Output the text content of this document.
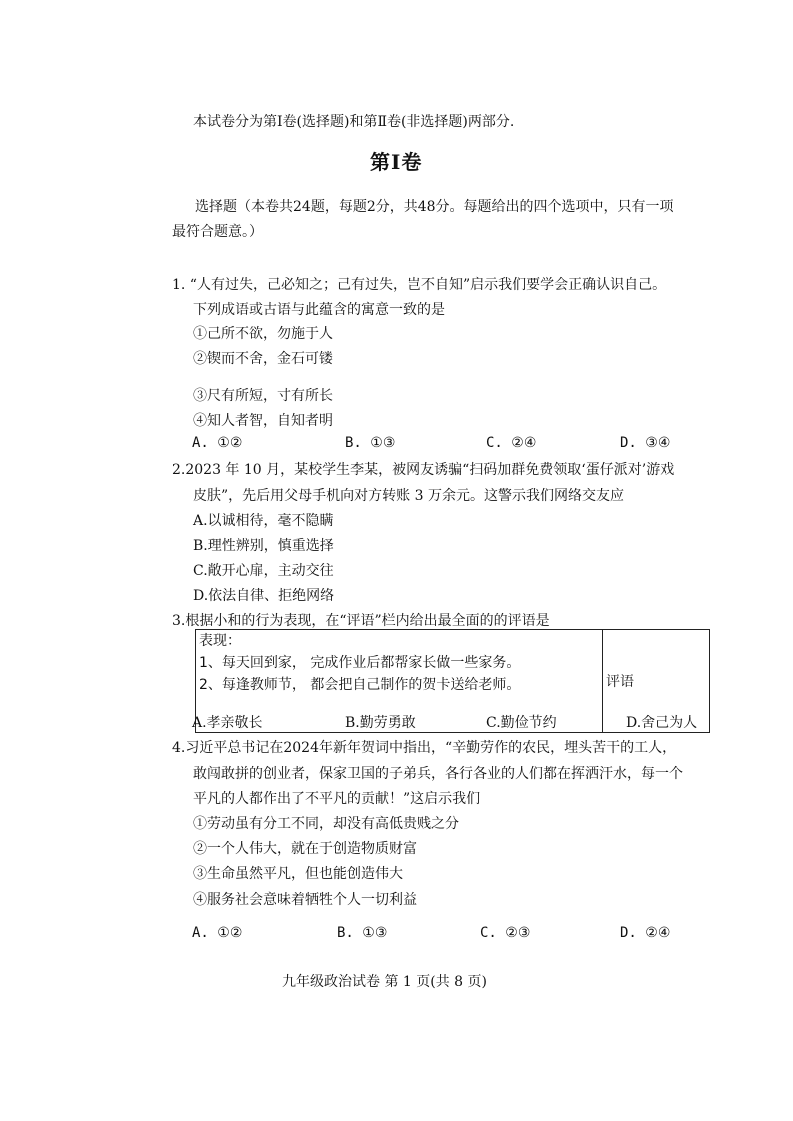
本试卷分为第Ⅰ卷(选择题)和第Ⅱ卷(非选择题)两部分.
第Ⅰ卷
选择题（本卷共24题，每题2分，共48分。每题给出的四个选项中，只有一项
最符合题意。）
1. “人有过失，己必知之；己有过失，岂不自知”启示我们要学会正确认识自己。
下列成语或古语与此蕴含的寓意一致的是
①己所不欲，勿施于人
②锲而不舍，金石可镂
③尺有所短，寸有所长
④知人者智，自知者明
A. ①②	B. ①③	C. ②④	D. ③④
2.2023 年 10 月，某校学生李某，被网友诱骗“扫码加群免费领取‘蛋仔派对’游戏
皮肤”，先后用父母手机向对方转账 3 万余元。这警示我们网络交友应
A.以诚相待，毫不隐瞒
B.理性辨别，慎重选择
C.敞开心扉，主动交往
D.依法自律、拒绝网络
3.根据小和的行为表现，在“评语”栏内给出最全面的的评语是
表现：
1、每天回到家， 完成作业后都帮家长做一些家务。
2、每逢教师节， 都会把自己制作的贺卡送给老师。	评语
A.孝亲敬长	B.勤劳勇敢	C.勤俭节约	D.舍己为人
4.习近平总书记在2024年新年贺词中指出，“辛勤劳作的农民，埋头苦干的工人，
敢闯敢拼的创业者，保家卫国的子弟兵，各行各业的人们都在挥洒汗水，每一个
平凡的人都作出了不平凡的贡献！”这启示我们
①劳动虽有分工不同，却没有高低贵贱之分
②一个人伟大，就在于创造物质财富
③生命虽然平凡，但也能创造伟大
④服务社会意味着牺牲个人一切利益
A. ①②	B. ①③	C. ②③	D. ②④
九年级政治试卷 第 1 页(共 8 页)
